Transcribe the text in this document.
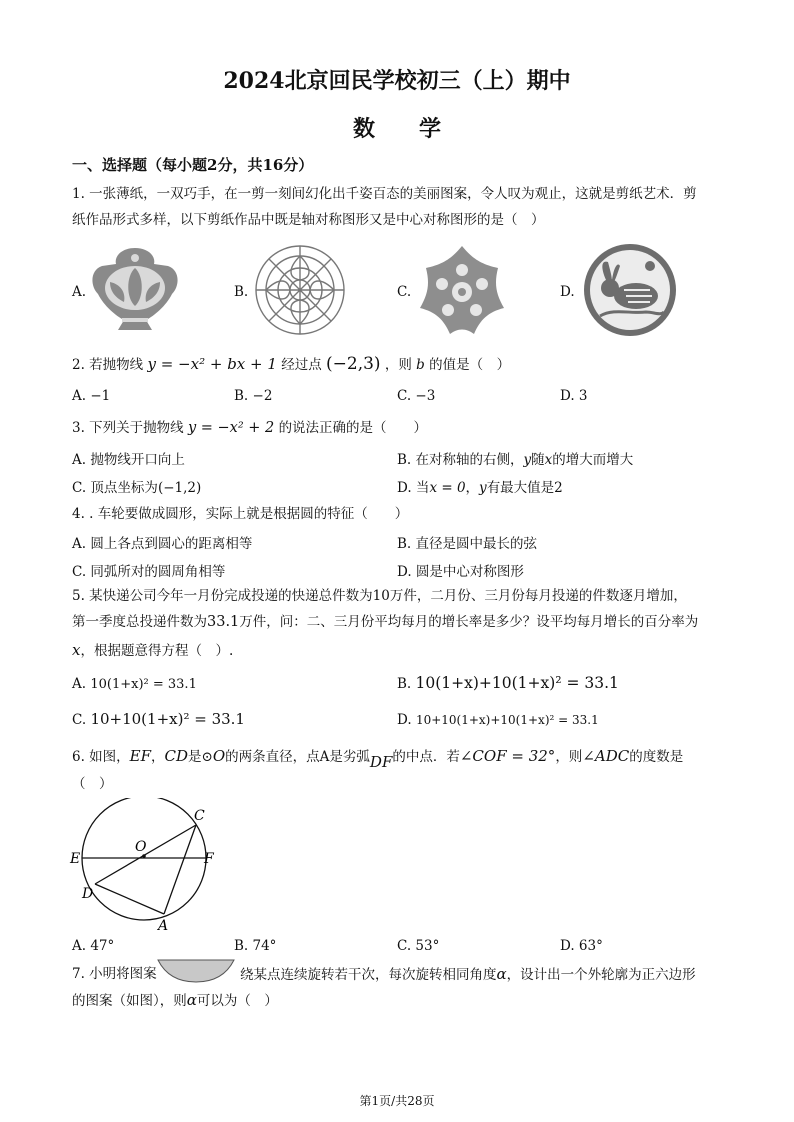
2024北京回民学校初三（上）期中
数　　学
一、选择题（每小题2分，共16分）
1. 一张薄纸，一双巧手，在一剪一刻间幻化出千姿百态的美丽图案，令人叹为观止，这就是剪纸艺术．剪
纸作品形式多样，以下剪纸作品中既是轴对称图形又是中心对称图形的是（　）
A.	B.	C.	D.
2. 若抛物线 y = −x² + bx + 1 经过点 (−2,3) ，则 b 的值是（　）
A. −1	B. −2	C. −3	D. 3
3. 下列关于抛物线 y = −x² + 2 的说法正确的是（　　）
A. 抛物线开口向上	B. 在对称轴的右侧，y随x的增大而增大
C. 顶点坐标为(−1,2)	D. 当x = 0，y有最大值是2
4. . 车轮要做成圆形，实际上就是根据圆的特征（　　）
A. 圆上各点到圆心的距离相等	B. 直径是圆中最长的弦
C. 同弧所对的圆周角相等	D. 圆是中心对称图形
5. 某快递公司今年一月份完成投递的快递总件数为10万件，二月份、三月份每月投递的件数逐月增加，
第一季度总投递件数为33.1万件，问：二、三月份平均每月的增长率是多少？设平均每月增长的百分率为
x，根据题意得方程（　）.
A. 10(1+x)² = 33.1	B. 10(1+x)+10(1+x)² = 33.1
C. 10+10(1+x)² = 33.1	D. 10+10(1+x)+10(1+x)² = 33.1
6. 如图，EF，CD是⊙O的两条直径，点A是劣弧DF的中点．若∠COF = 32°，则∠ADC的度数是
（　）
C
O
E	F
D
A
A. 47°	B. 74°	C. 53°	D. 63°
7. 小明将图案	绕某点连续旋转若干次，每次旋转相同角度α，设计出一个外轮廓为正六边形
的图案（如图），则α可以为（　）
第1页/共28页
